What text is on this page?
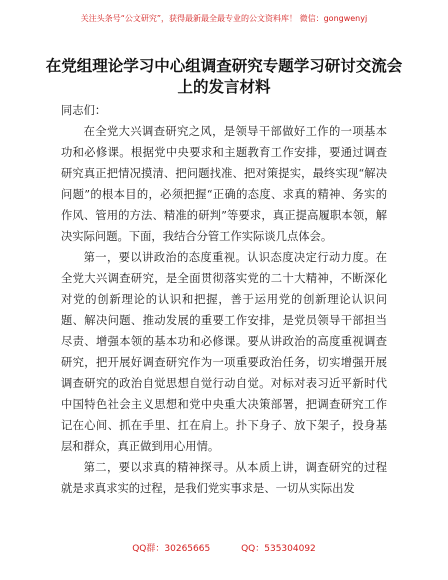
关注头条号“公文研究”，获得最新最全最专业的公文资料库！ 微信：gongwenyj
在党组理论学习中心组调查研究专题学习研讨交流会上的发言材料

同志们：

在全党大兴调查研究之风，是领导干部做好工作的一项基本功和必修课。根据党中央要求和主题教育工作安排，要通过调查研究真正把情况摸清、把问题找准、把对策提实，最终实现“解决问题”的根本目的，必须把握“正确的态度、求真的精神、务实的作风、管用的方法、精准的研判”等要求，真正提高履职本领，解决实际问题。下面，我结合分管工作实际谈几点体会。

第一，要以讲政治的态度重视。认识态度决定行动力度。在全党大兴调查研究，是全面贯彻落实党的二十大精神，不断深化对党的创新理论的认识和把握，善于运用党的创新理论认识问题、解决问题、推动发展的重要工作安排，是党员领导干部担当尽责、增强本领的基本功和必修课。要从讲政治的高度重视调查研究，把开展好调查研究作为一项重要政治任务，切实增强开展调查研究的政治自觉思想自觉行动自觉。对标对表习近平新时代中国特色社会主义思想和党中央重大决策部署，把调查研究工作记在心间、抓在手里、扛在肩上。扑下身子、放下架子，投身基层和群众，真正做到用心用情。

第二，要以求真的精神探寻。从本质上讲，调查研究的过程就是求真求实的过程，是我们党实事求是、一切从实际出发

QQ群：30265665	QQ：535304092
